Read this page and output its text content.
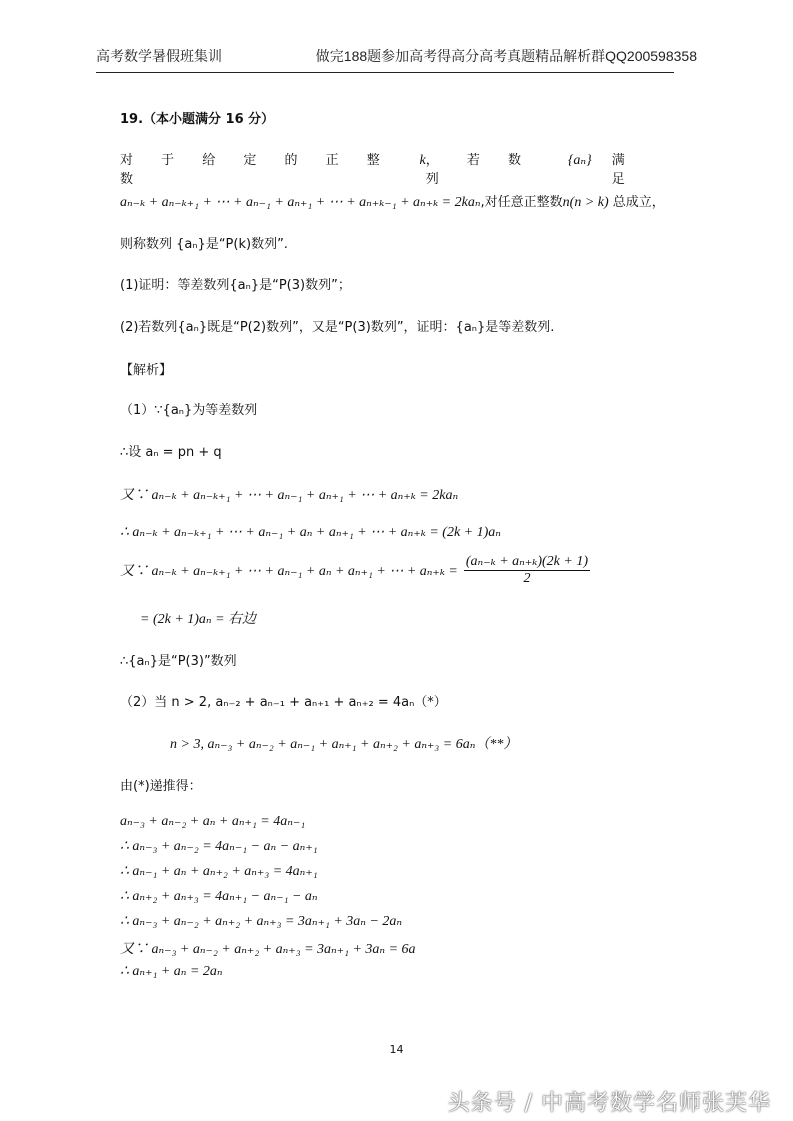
高考数学暑假班集训	做完188题参加高考得高分高考真题精品解析群QQ200598358
19.（本小题满分 16 分）
对 于 给 定 的 正 整 数
k ， 若 数 列
{aₙ} 满 足
aₙ₋ₖ + aₙ₋ₖ₊₁ + ⋯ + aₙ₋₁ + aₙ₊₁ + ⋯ + aₙ₊ₖ₋₁ + aₙ₊ₖ = 2kaₙ,对任意正整数n(n > k) 总成立，
则称数列 {aₙ}是“P(k)数列”.
(1)证明：等差数列{aₙ}是“P(3)数列”；
(2)若数列{aₙ}既是“P(2)数列”，又是“P(3)数列”，证明：{aₙ}是等差数列.
【解析】
（1）∵{aₙ}为等差数列
∴设 aₙ = pn + q
又∵ aₙ₋ₖ + aₙ₋ₖ₊₁ + ⋯ + aₙ₋₁ + aₙ₊₁ + ⋯ + aₙ₊ₖ = 2kaₙ
∴ aₙ₋ₖ + aₙ₋ₖ₊₁ + ⋯ + aₙ₋₁ + aₙ + aₙ₊₁ + ⋯ + aₙ₊ₖ = (2k + 1)aₙ
又∵ aₙ₋ₖ + aₙ₋ₖ₊₁ + ⋯ + aₙ₋₁ + aₙ + aₙ₊₁ + ⋯ + $a_{n+k} = \frac{\text{(aₙ₋ₖ + aₙ₊ₖ)(2k + 1)}}{2}$
= (2k + 1)aₙ = 右边
∴{aₙ}是“P(3)”数列
（2）当 n > 2, aₙ₋₂ + aₙ₋₁ + aₙ₊₁ + aₙ₊₂ = 4aₙ（*）
n > 3, aₙ₋₃ + aₙ₋₂ + aₙ₋₁ + aₙ₊₁ + aₙ₊₂ + aₙ₊₃ = 6aₙ（**）
由(*)递推得：
aₙ₋₃ + aₙ₋₂ + aₙ + aₙ₊₁ = 4aₙ₋₁
∴ aₙ₋₃ + aₙ₋₂ = 4aₙ₋₁ − aₙ − aₙ₊₁
∴ aₙ₋₁ + aₙ + aₙ₊₂ + aₙ₊₃ = 4aₙ₊₁
∴ aₙ₊₂ + aₙ₊₃ = 4aₙ₊₁ − aₙ₋₁ − aₙ
∴ aₙ₋₃ + aₙ₋₂ + aₙ₊₂ + aₙ₊₃ = 3aₙ₊₁ + 3aₙ − 2aₙ
又∵ aₙ₋₃ + aₙ₋₂ + aₙ₊₂ + aₙ₊₃ = 3aₙ₊₁ + 3aₙ = 6a
∴ aₙ₊₁ + aₙ = 2aₙ
14
头条号 / 中高考数学名师张芙华
